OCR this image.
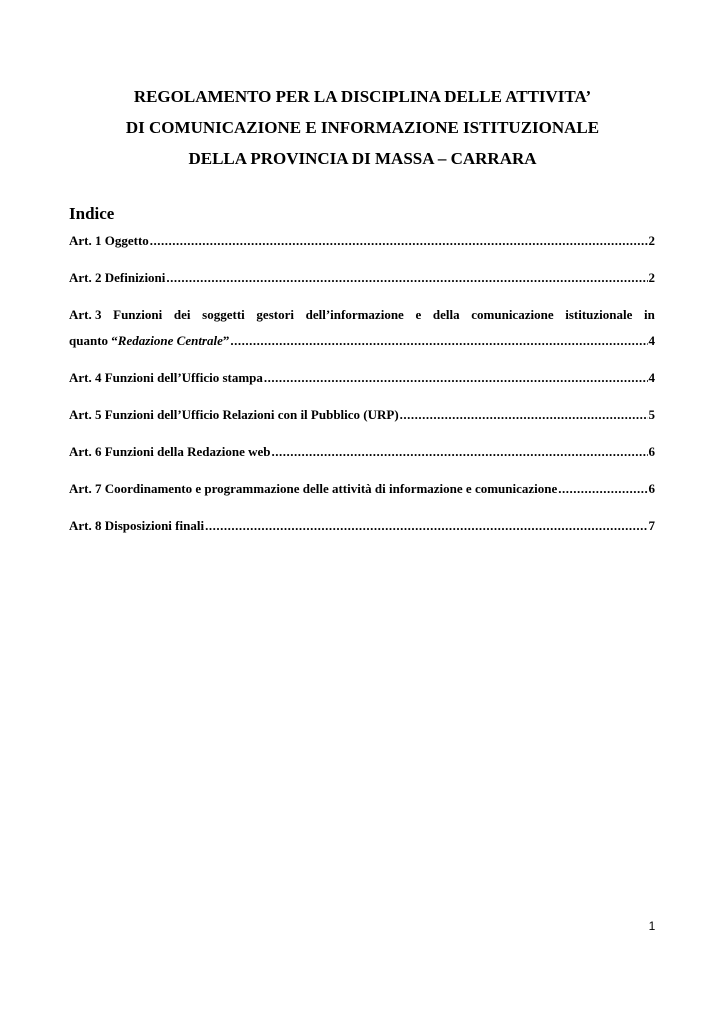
REGOLAMENTO PER LA DISCIPLINA DELLE ATTIVITA’
DI COMUNICAZIONE E INFORMAZIONE ISTITUZIONALE
DELLA PROVINCIA DI MASSA – CARRARA
Indice
Art. 1 Oggetto .....	2
Art. 2 Definizioni .....	2
Art. 3 Funzioni dei soggetti gestori dell’informazione e della comunicazione istituzionale in
quanto “Redazione Centrale” .....	4
Art. 4 Funzioni dell’Ufficio stampa .....	4
Art. 5 Funzioni dell’Ufficio Relazioni con il Pubblico (URP) .....	5
Art. 6 Funzioni della Redazione web .....	6
Art. 7 Coordinamento e programmazione delle attività di informazione e comunicazione .....	6
Art. 8 Disposizioni finali .....	7
1
